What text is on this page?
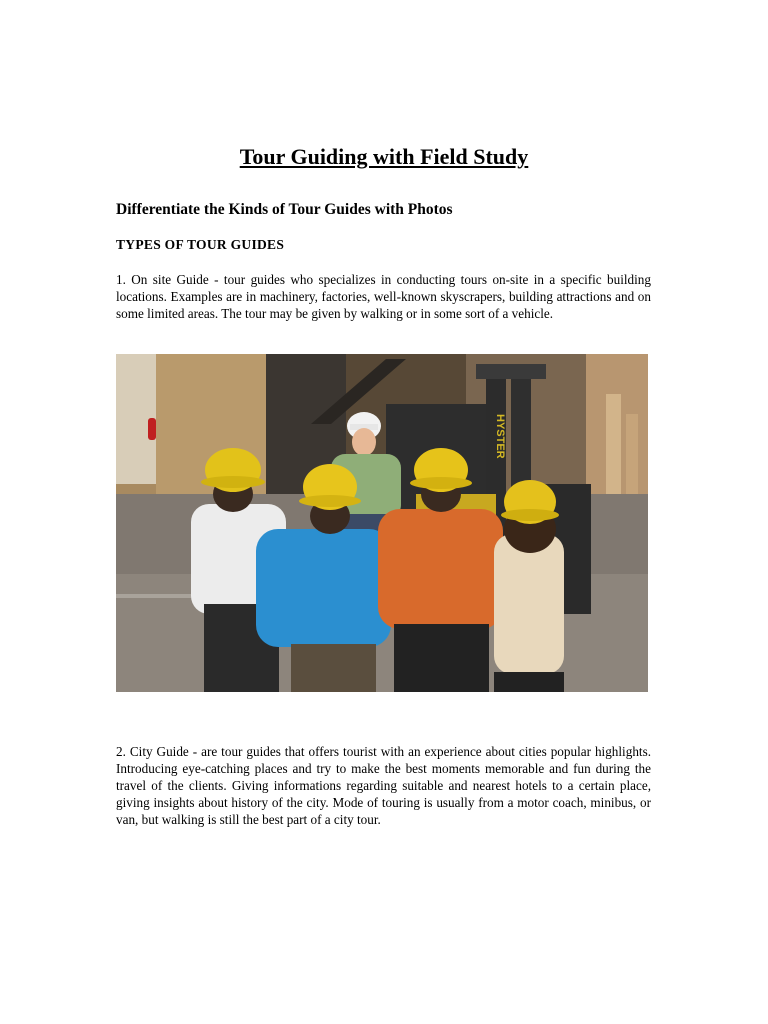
Tour Guiding with Field Study
Differentiate the Kinds of Tour Guides with Photos
TYPES OF TOUR GUIDES

1. On site Guide - tour guides who specializes in conducting tours on-site in a specific building locations. Examples are in machinery, factories, well-known skyscrapers, building attractions and on some limited areas. The tour may be given by walking or in some sort of a vehicle.

HYSTER

2. City Guide - are tour guides that offers tourist with an experience about cities popular highlights. Introducing eye-catching places and try to make the best moments memorable and fun during the travel of the clients. Giving informations regarding suitable and nearest hotels to a certain place, giving insights about history of the city. Mode of touring is usually from a motor coach, minibus, or van, but walking is still the best part of a city tour.
